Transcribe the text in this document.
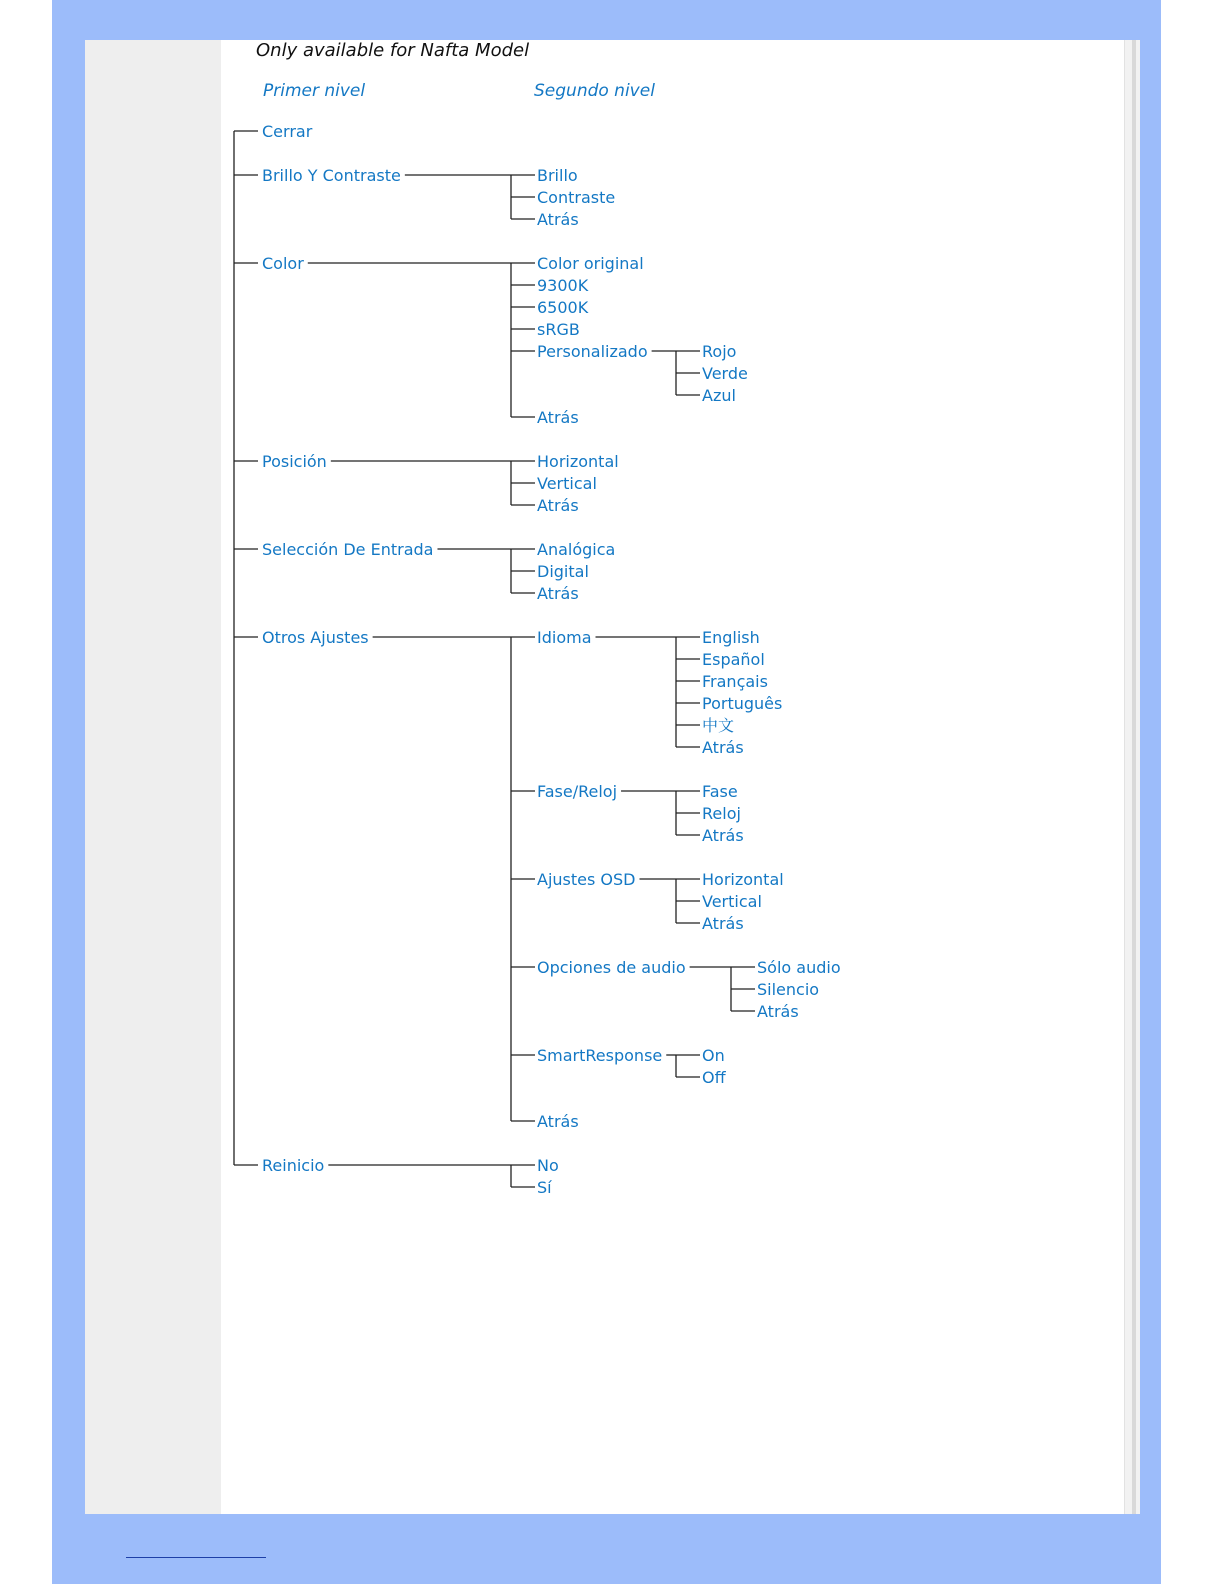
Only available for Nafta Model
Primer nivel	Segundo nivel
Cerrar
Brillo Y Contraste	Brillo
Contraste
Atrás
Color	Color original
9300K
6500K
sRGB
Personalizado	Rojo
Verde
Azul
Atrás
Posición	Horizontal
Vertical
Atrás
Selección De Entrada	Analógica
Digital
Atrás
Otros Ajustes	Idioma	English
Español
Français
Português
中文
Atrás
Fase/Reloj	Fase
Reloj
Atrás
Ajustes OSD	Horizontal
Vertical
Atrás
Opciones de audio	Sólo audio
Silencio
Atrás
SmartResponse On
Off
Atrás
Reinicio	No
Sí
